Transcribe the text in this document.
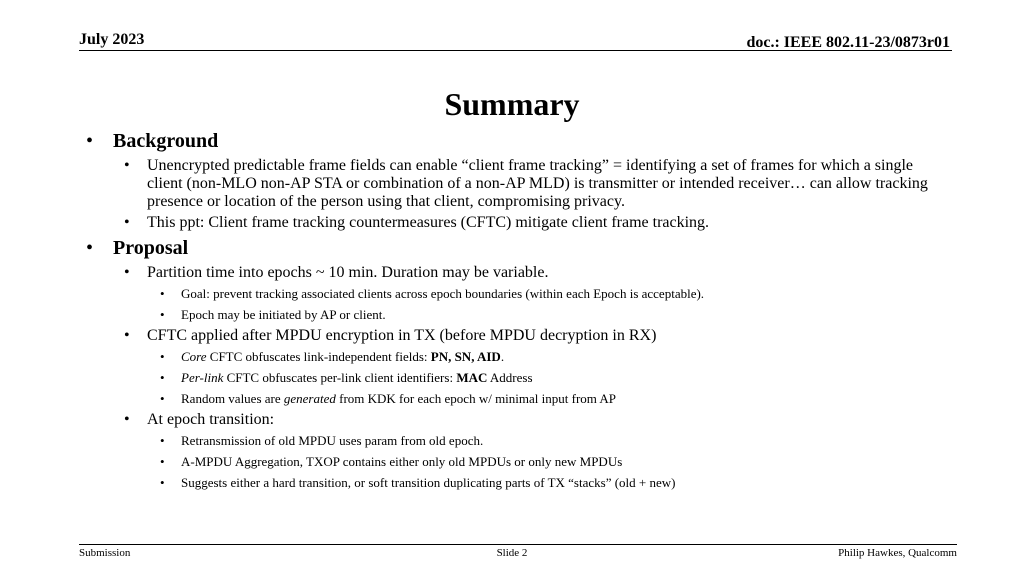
July 2023	doc.: IEEE 802.11-23/0873r01
Summary
• Background
• Unencrypted predictable frame fields can enable “client frame tracking” = identifying a set of frames for which a single client (non-MLO non-AP STA or combination of a non-AP MLD) is transmitter or intended receiver… can allow tracking presence or location of the person using that client, compromising privacy.
• This ppt: Client frame tracking countermeasures (CFTC) mitigate client frame tracking.
• Proposal
• Partition time into epochs ~ 10 min. Duration may be variable.
• Goal: prevent tracking associated clients across epoch boundaries (within each Epoch is acceptable).
• Epoch may be initiated by AP or client.
• CFTC applied after MPDU encryption in TX (before MPDU decryption in RX)
• Core CFTC obfuscates link-independent fields: PN, SN, AID.
• Per-link CFTC obfuscates per-link client identifiers: MAC Address
• Random values are generated from KDK for each epoch w/ minimal input from AP
• At epoch transition:
• Retransmission of old MPDU uses param from old epoch.
• A-MPDU Aggregation, TXOP contains either only old MPDUs or only new MPDUs
• Suggests either a hard transition, or soft transition duplicating parts of TX “stacks” (old + new)
Submission	Slide 2	Philip Hawkes, Qualcomm
